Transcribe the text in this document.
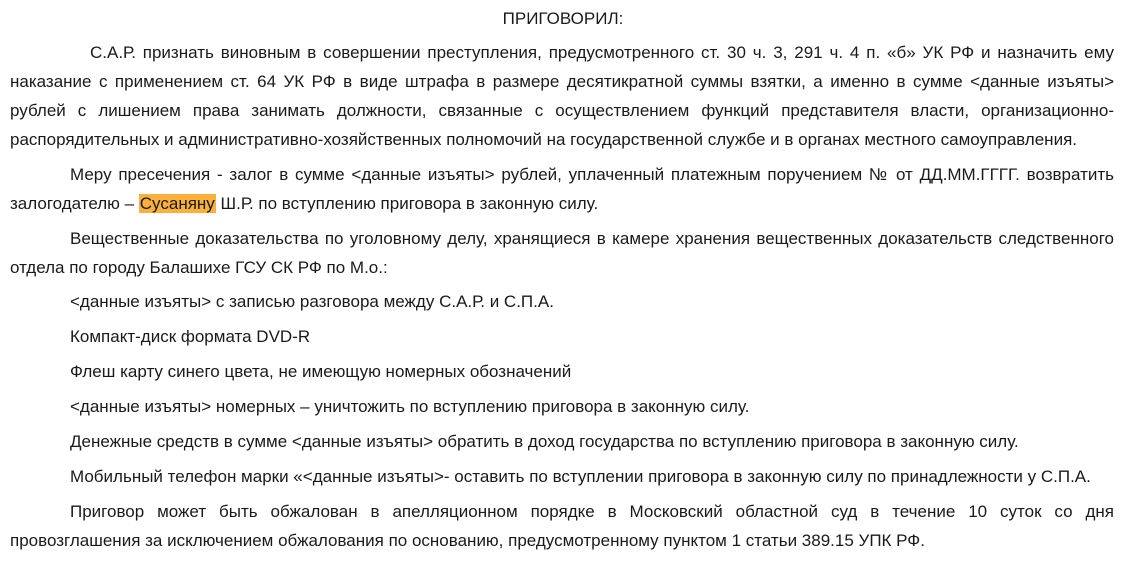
ПРИГОВОРИЛ:

С.А.Р. признать виновным в совершении преступления, предусмотренного ст. 30 ч. 3, 291 ч. 4 п. «б» УК РФ и назначить ему наказание с применением ст. 64 УК РФ в виде штрафа в размере десятикратной суммы взятки, а именно в сумме <данные изъяты> рублей с лишением права занимать должности, связанные с осуществлением функций представителя власти, организационно-распорядительных и административно-хозяйственных полномочий на государственной службе и в органах местного самоуправления.

Меру пресечения - залог в сумме <данные изъяты> рублей, уплаченный платежным поручением № от ДД.ММ.ГГГГ. возвратить залогодателю – Сусаняну Ш.Р. по вступлению приговора в законную силу.

Вещественные доказательства по уголовному делу, хранящиеся в камере хранения вещественных доказательств следственного отдела по городу Балашихе ГСУ СК РФ по М.о.:

<данные изъяты> с записью разговора между С.А.Р. и С.П.А.

Компакт-диск формата DVD-R

Флеш карту синего цвета, не имеющую номерных обозначений

<данные изъяты> номерных – уничтожить по вступлению приговора в законную силу.

Денежные средств в сумме <данные изъяты> обратить в доход государства по вступлению приговора в законную силу.

Мобильный телефон марки «<данные изъяты>- оставить по вступлении приговора в законную силу по принадлежности у С.П.А.

Приговор может быть обжалован в апелляционном порядке в Московский областной суд в течение 10 суток со дня провозглашения за исключением обжалования по основанию, предусмотренному пунктом 1 статьи 389.15 УПК РФ.
